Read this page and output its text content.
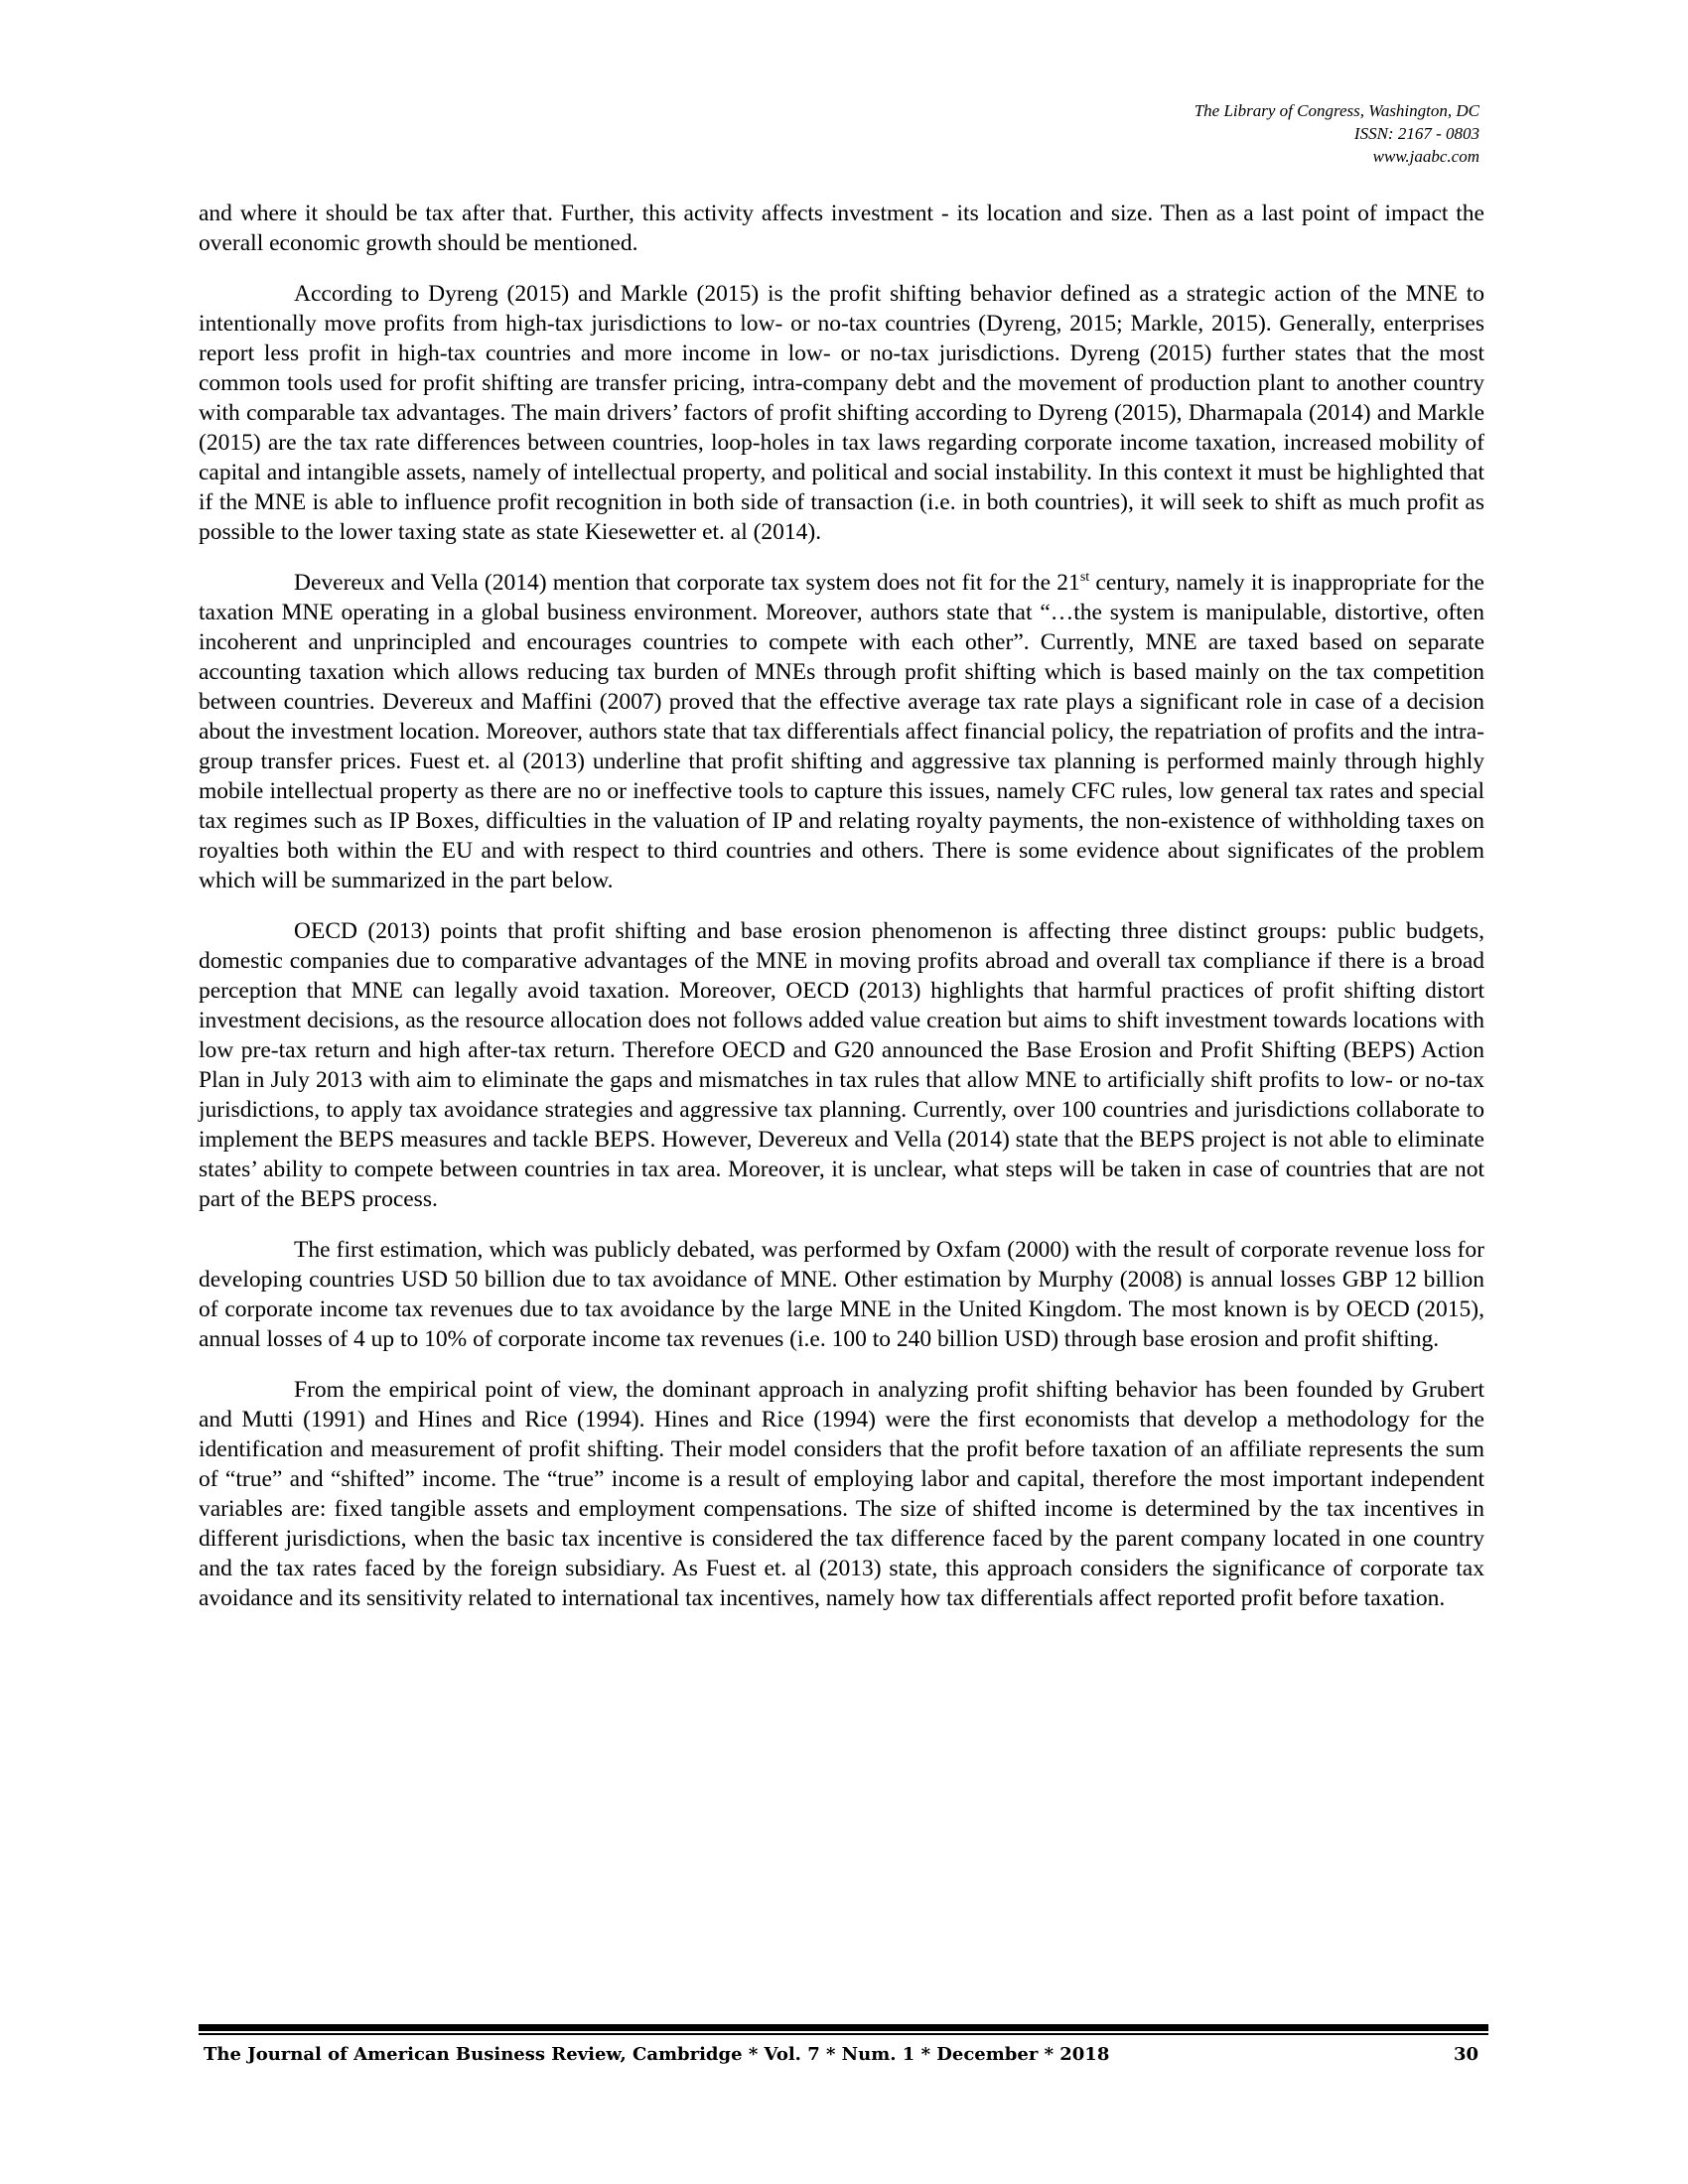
The Library of Congress, Washington, DC
ISSN: 2167 - 0803
www.jaabc.com

and where it should be tax after that. Further, this activity affects investment - its location and size. Then as a last point of impact the overall economic growth should be mentioned.

According to Dyreng (2015) and Markle (2015) is the profit shifting behavior defined as a strategic action of the MNE to intentionally move profits from high-tax jurisdictions to low- or no-tax countries (Dyreng, 2015; Markle, 2015). Generally, enterprises report less profit in high-tax countries and more income in low- or no-tax jurisdictions. Dyreng (2015) further states that the most common tools used for profit shifting are transfer pricing, intra-company debt and the movement of production plant to another country with comparable tax advantages. The main drivers’ factors of profit shifting according to Dyreng (2015), Dharmapala (2014) and Markle (2015) are the tax rate differences between countries, loop-holes in tax laws regarding corporate income taxation, increased mobility of capital and intangible assets, namely of intellectual property, and political and social instability. In this context it must be highlighted that if the MNE is able to influence profit recognition in both side of transaction (i.e. in both countries), it will seek to shift as much profit as possible to the lower taxing state as state Kiesewetter et. al (2014).

Devereux and Vella (2014) mention that corporate tax system does not fit for the 21st century, namely it is inappropriate for the taxation MNE operating in a global business environment. Moreover, authors state that “…the system is manipulable, distortive, often incoherent and unprincipled and encourages countries to compete with each other”. Currently, MNE are taxed based on separate accounting taxation which allows reducing tax burden of MNEs through profit shifting which is based mainly on the tax competition between countries. Devereux and Maffini (2007) proved that the effective average tax rate plays a significant role in case of a decision about the investment location. Moreover, authors state that tax differentials affect financial policy, the repatriation of profits and the intra-group transfer prices. Fuest et. al (2013) underline that profit shifting and aggressive tax planning is performed mainly through highly mobile intellectual property as there are no or ineffective tools to capture this issues, namely CFC rules, low general tax rates and special tax regimes such as IP Boxes, difficulties in the valuation of IP and relating royalty payments, the non-existence of withholding taxes on royalties both within the EU and with respect to third countries and others. There is some evidence about significates of the problem which will be summarized in the part below.

OECD (2013) points that profit shifting and base erosion phenomenon is affecting three distinct groups: public budgets, domestic companies due to comparative advantages of the MNE in moving profits abroad and overall tax compliance if there is a broad perception that MNE can legally avoid taxation. Moreover, OECD (2013) highlights that harmful practices of profit shifting distort investment decisions, as the resource allocation does not follows added value creation but aims to shift investment towards locations with low pre-tax return and high after-tax return. Therefore OECD and G20 announced the Base Erosion and Profit Shifting (BEPS) Action Plan in July 2013 with aim to eliminate the gaps and mismatches in tax rules that allow MNE to artificially shift profits to low- or no-tax jurisdictions, to apply tax avoidance strategies and aggressive tax planning. Currently, over 100 countries and jurisdictions collaborate to implement the BEPS measures and tackle BEPS. However, Devereux and Vella (2014) state that the BEPS project is not able to eliminate states’ ability to compete between countries in tax area. Moreover, it is unclear, what steps will be taken in case of countries that are not part of the BEPS process.

The first estimation, which was publicly debated, was performed by Oxfam (2000) with the result of corporate revenue loss for developing countries USD 50 billion due to tax avoidance of MNE. Other estimation by Murphy (2008) is annual losses GBP 12 billion of corporate income tax revenues due to tax avoidance by the large MNE in the United Kingdom. The most known is by OECD (2015), annual losses of 4 up to 10% of corporate income tax revenues (i.e. 100 to 240 billion USD) through base erosion and profit shifting.

From the empirical point of view, the dominant approach in analyzing profit shifting behavior has been founded by Grubert and Mutti (1991) and Hines and Rice (1994). Hines and Rice (1994) were the first economists that develop a methodology for the identification and measurement of profit shifting. Their model considers that the profit before taxation of an affiliate represents the sum of “true” and “shifted” income. The “true” income is a result of employing labor and capital, therefore the most important independent variables are: fixed tangible assets and employment compensations. The size of shifted income is determined by the tax incentives in different jurisdictions, when the basic tax incentive is considered the tax difference faced by the parent company located in one country and the tax rates faced by the foreign subsidiary. As Fuest et. al (2013) state, this approach considers the significance of corporate tax avoidance and its sensitivity related to international tax incentives, namely how tax differentials affect reported profit before taxation.

The Journal of American Business Review, Cambridge * Vol. 7 * Num. 1 * December * 2018	30
